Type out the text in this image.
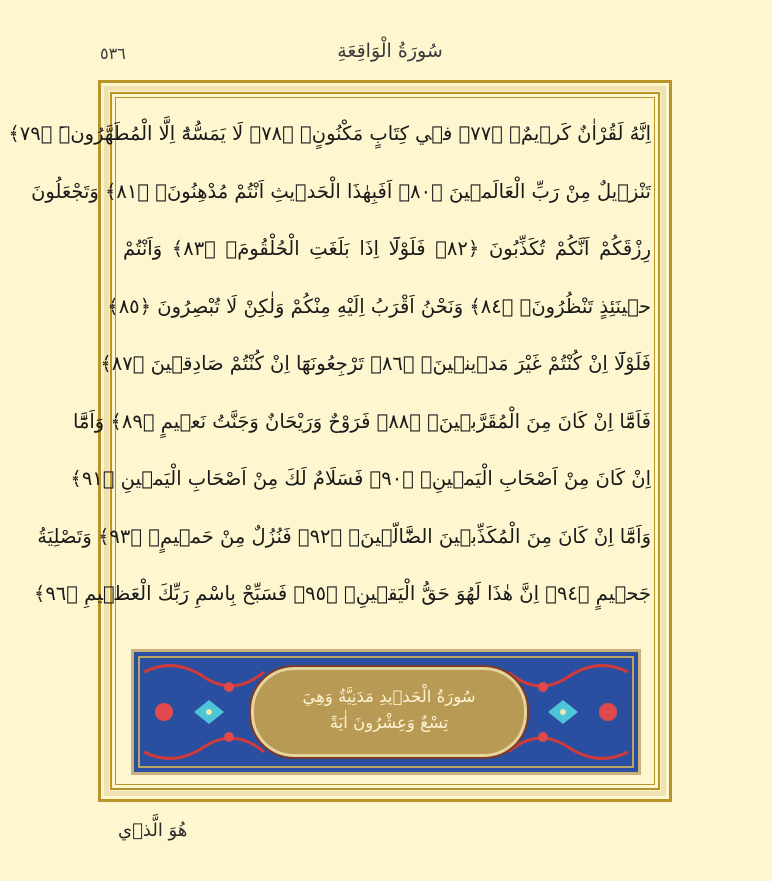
سُورَةُ الْوَاقِعَةِ
٥٣٦
اِنَّهُ لَقُرْاٰنٌ كَر۪يمٌۙ ﴿٧٧﴾ ف۪ي كِتَابٍ مَكْنُونٍۙ ﴿٧٨﴾ لَا يَمَسُّهُٓ اِلَّا الْمُطَهَّرُونَۜ ﴿٧٩﴾
تَنْز۪يلٌ مِنْ رَبِّ الْعَالَم۪ينَ ﴿٨٠﴾ اَفَبِهٰذَا الْحَد۪يثِ اَنْتُمْ مُدْهِنُونَۙ ﴿٨١﴾ وَتَجْعَلُونَ
رِزْقَكُمْ اَنَّكُمْ تُكَذِّبُونَ ﴿٨٢﴾ فَلَوْلَٓا اِذَا بَلَغَتِ الْحُلْقُومَۙ ﴿٨٣﴾ وَاَنْتُمْ
ح۪ينَئِذٍ تَنْظُرُونَۙ ﴿٨٤﴾ وَنَحْنُ اَقْرَبُ اِلَيْهِ مِنْكُمْ وَلٰكِنْ لَا تُبْصِرُونَ ﴿٨٥﴾
فَلَوْلَٓا اِنْ كُنْتُمْ غَيْرَ مَد۪ين۪ينَۙ ﴿٨٦﴾ تَرْجِعُونَهَٓا اِنْ كُنْتُمْ صَادِق۪ينَ ﴿٨٧﴾
فَاَمَّٓا اِنْ كَانَ مِنَ الْمُقَرَّب۪ينَۙ ﴿٨٨﴾ فَرَوْحٌ وَرَيْحَانٌ وَجَنَّتُ نَع۪يمٍ ﴿٨٩﴾ وَاَمَّٓا
اِنْ كَانَ مِنْ اَصْحَابِ الْيَم۪ينِۙ ﴿٩٠﴾ فَسَلَامٌ لَكَ مِنْ اَصْحَابِ الْيَم۪ينِ ﴿٩١﴾
وَاَمَّٓا اِنْ كَانَ مِنَ الْمُكَذِّب۪ينَ الضَّٓالّ۪ينَۙ ﴿٩٢﴾ فَنُزُلٌ مِنْ حَم۪يمٍۙ ﴿٩٣﴾ وَتَصْلِيَةُ
جَح۪يمٍ ﴿٩٤﴾ اِنَّ هٰذَا لَهُوَ حَقُّ الْيَق۪ينِۚ ﴿٩٥﴾ فَسَبِّحْ بِاسْمِ رَبِّكَ الْعَظ۪يمِ ﴿٩٦﴾
سُورَةُ الْحَد۪يدِ مَدَنِيَّةٌ وَهِيَ
تِسْعٌ وَعِشْرُونَ اٰيَةً
هُوَ الَّذ۪ي
